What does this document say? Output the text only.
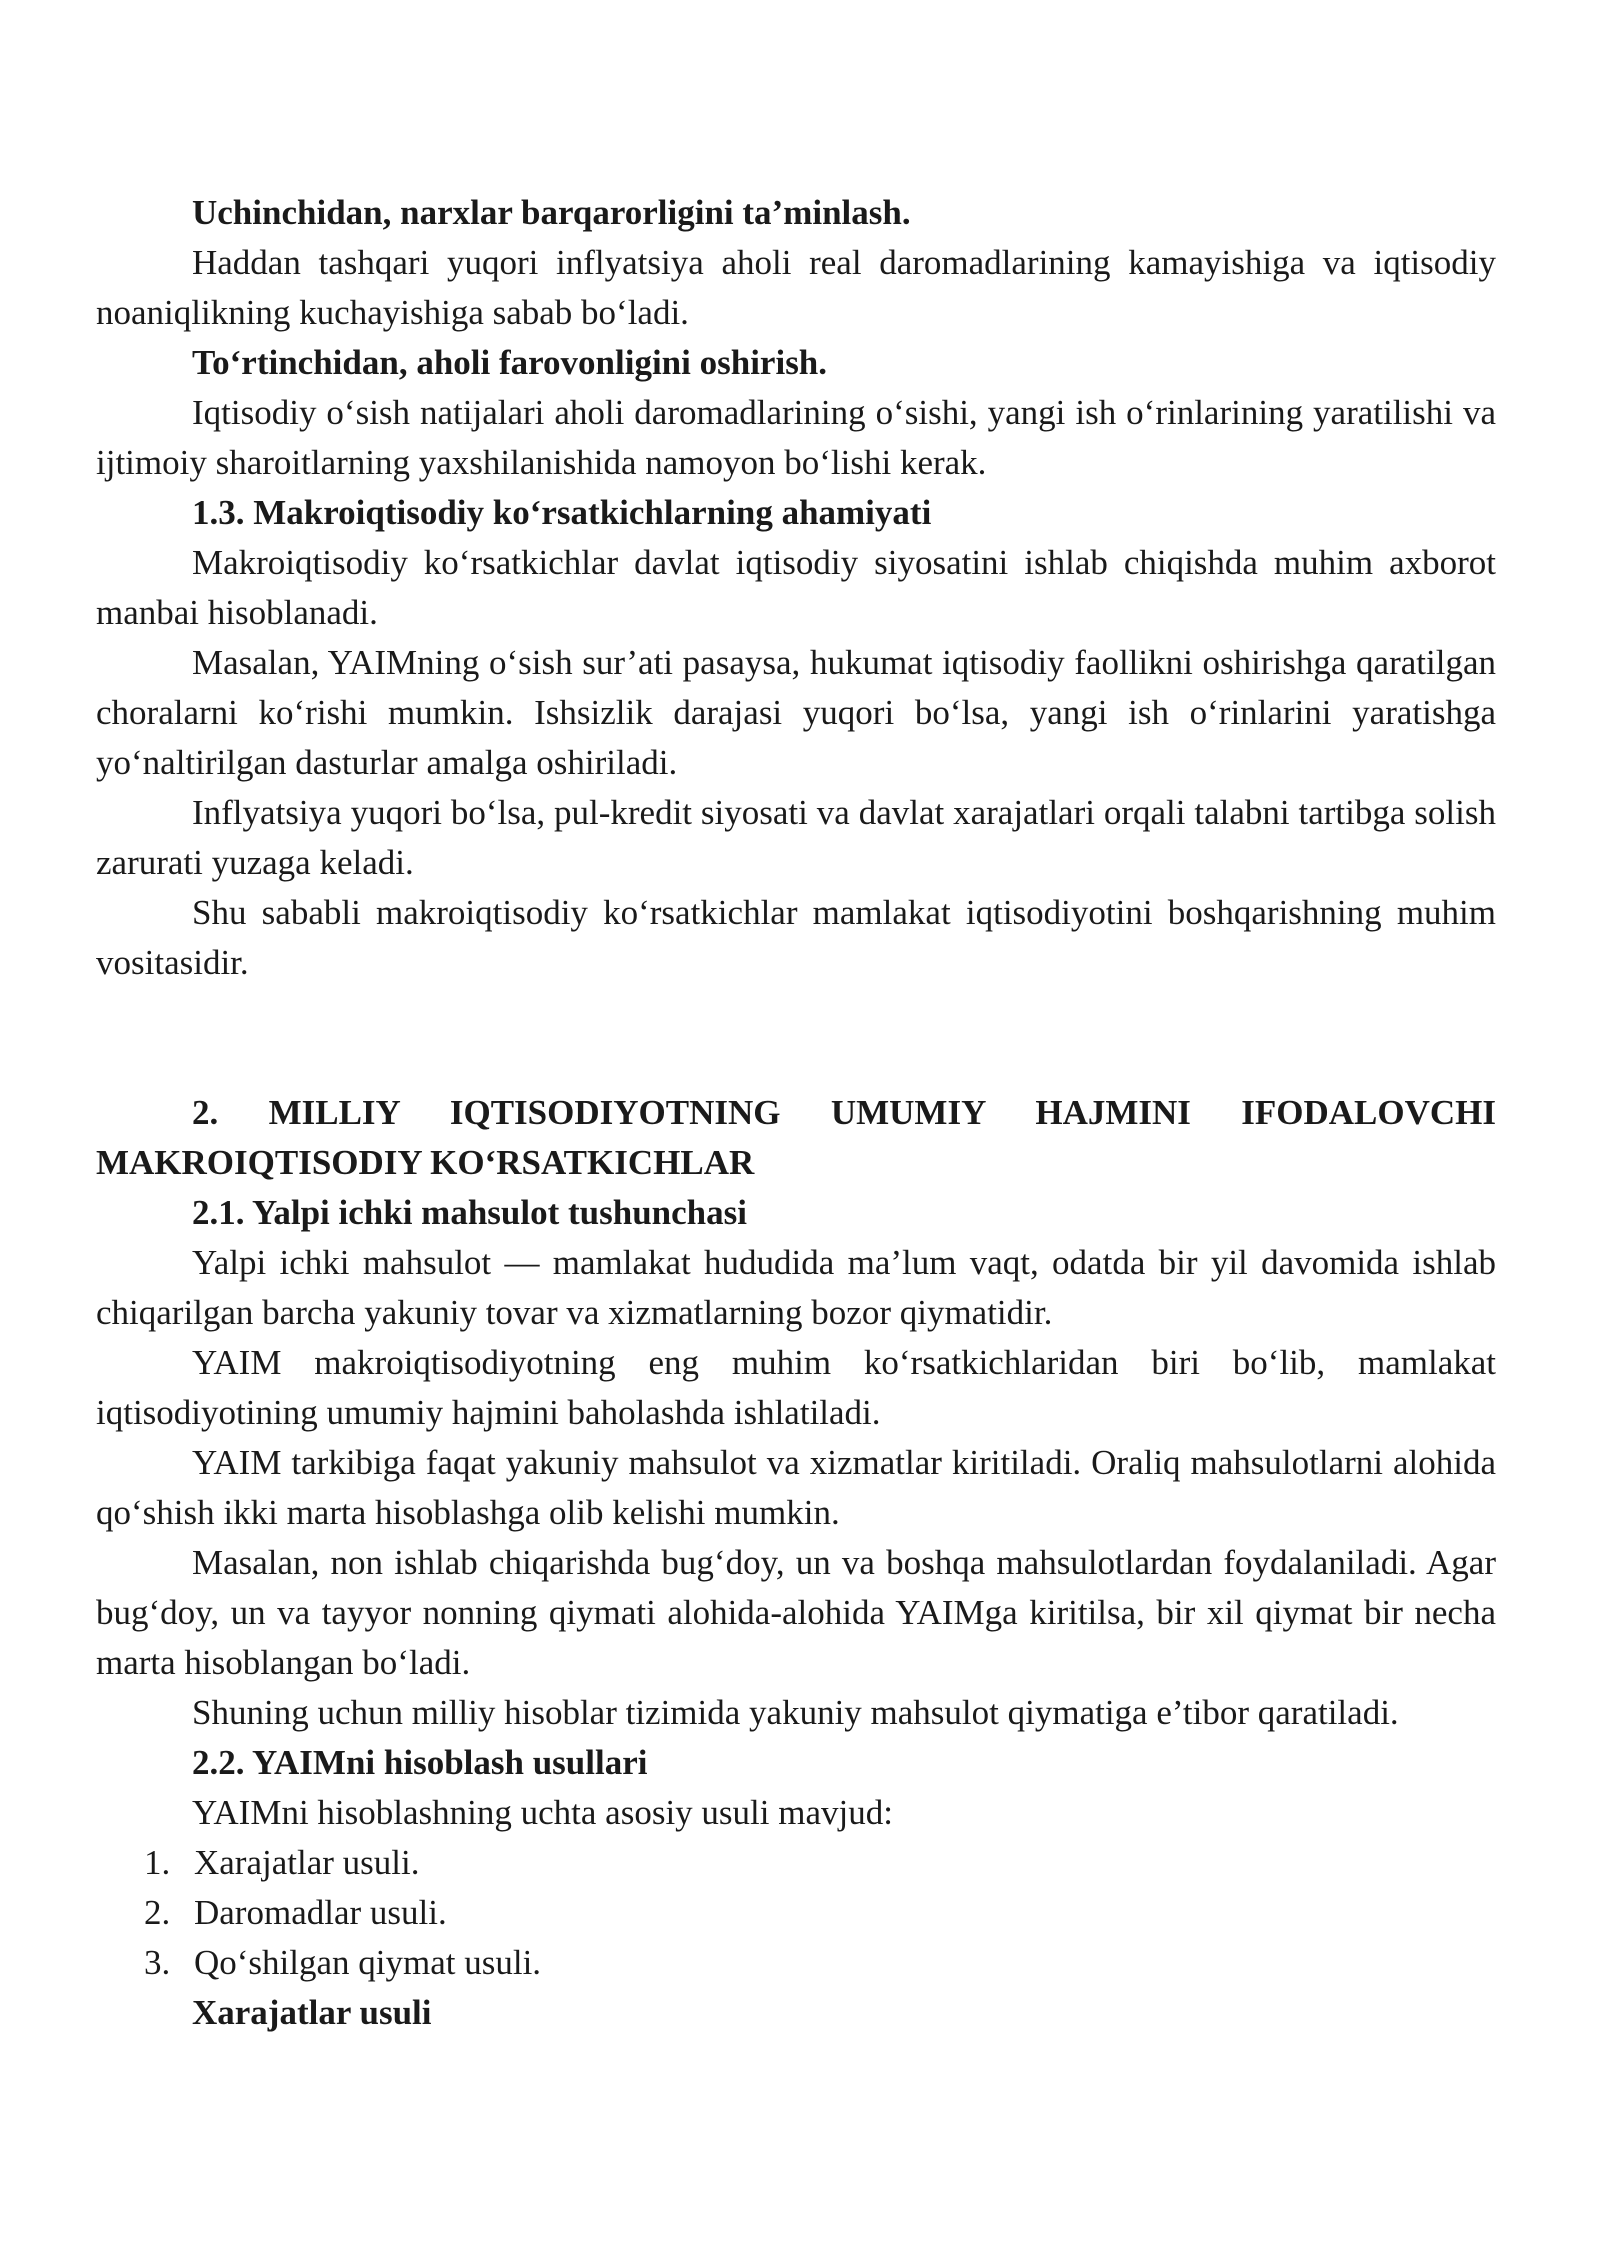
Uchinchidan, narxlar barqarorligini ta’minlash.

Haddan tashqari yuqori inflyatsiya aholi real daromadlarining kamayishiga va iqtisodiy noaniqlikning kuchayishiga sabab bo‘ladi.

To‘rtinchidan, aholi farovonligini oshirish.

Iqtisodiy o‘sish natijalari aholi daromadlarining o‘sishi, yangi ish o‘rinlarining yaratilishi va ijtimoiy sharoitlarning yaxshilanishida namoyon bo‘lishi kerak.

1.3. Makroiqtisodiy ko‘rsatkichlarning ahamiyati

Makroiqtisodiy ko‘rsatkichlar davlat iqtisodiy siyosatini ishlab chiqishda muhim axborot manbai hisoblanadi.

Masalan, YAIMning o‘sish sur’ati pasaysa, hukumat iqtisodiy faollikni oshirishga qaratilgan choralarni ko‘rishi mumkin. Ishsizlik darajasi yuqori bo‘lsa, yangi ish o‘rinlarini yaratishga yo‘naltirilgan dasturlar amalga oshiriladi.

Inflyatsiya yuqori bo‘lsa, pul-kredit siyosati va davlat xarajatlari orqali talabni tartibga solish zarurati yuzaga keladi.

Shu sababli makroiqtisodiy ko‘rsatkichlar mamlakat iqtisodiyotini boshqarishning muhim vositasidir.

2. MILLIY IQTISODIYOTNING UMUMIY HAJMINI IFODALOVCHI MAKROIQTISODIY KO‘RSATKICHLAR

2.1. Yalpi ichki mahsulot tushunchasi

Yalpi ichki mahsulot — mamlakat hududida ma’lum vaqt, odatda bir yil davomida ishlab chiqarilgan barcha yakuniy tovar va xizmatlarning bozor qiymatidir.

YAIM makroiqtisodiyotning eng muhim ko‘rsatkichlaridan biri bo‘lib, mamlakat iqtisodiyotining umumiy hajmini baholashda ishlatiladi.

YAIM tarkibiga faqat yakuniy mahsulot va xizmatlar kiritiladi. Oraliq mahsulotlarni alohida qo‘shish ikki marta hisoblashga olib kelishi mumkin.

Masalan, non ishlab chiqarishda bug‘doy, un va boshqa mahsulotlardan foydalaniladi. Agar bug‘doy, un va tayyor nonning qiymati alohida-alohida YAIMga kiritilsa, bir xil qiymat bir necha marta hisoblangan bo‘ladi.

Shuning uchun milliy hisoblar tizimida yakuniy mahsulot qiymatiga e’tibor qaratiladi.

2.2. YAIMni hisoblash usullari

YAIMni hisoblashning uchta asosiy usuli mavjud:

1. Xarajatlar usuli.
2. Daromadlar usuli.
3. Qo‘shilgan qiymat usuli.

Xarajatlar usuli
